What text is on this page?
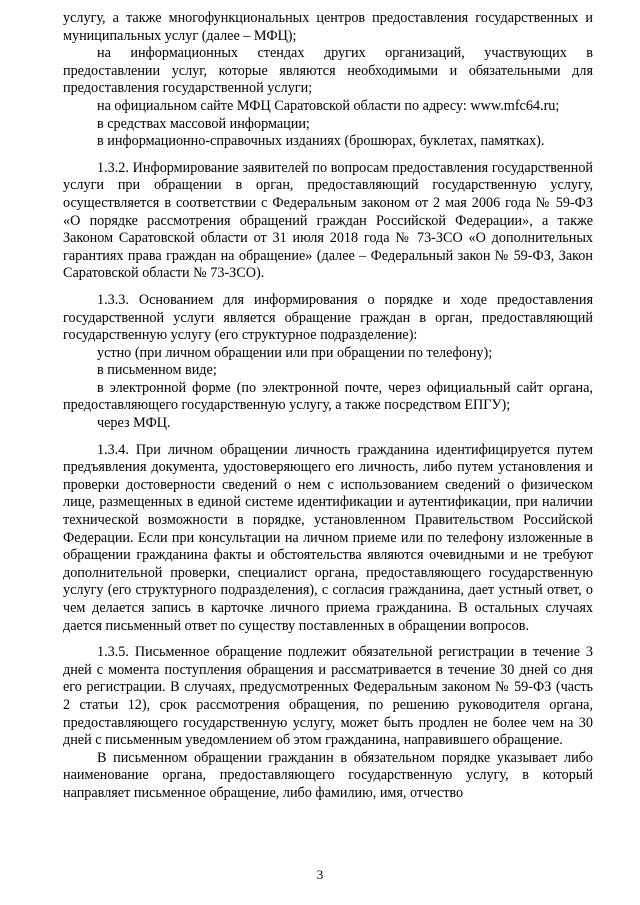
услугу, а также многофункциональных центров предоставления государственных и муниципальных услуг (далее – МФЦ);

на информационных стендах других организаций, участвующих в предоставлении услуг, которые являются необходимыми и обязательными для предоставления государственной услуги;

на официальном сайте МФЦ Саратовской области по адресу: www.mfc64.ru;

в средствах массовой информации;

в информационно-справочных изданиях (брошюрах, буклетах, памятках).

1.3.2. Информирование заявителей по вопросам предоставления государственной услуги при обращении в орган, предоставляющий государственную услугу, осуществляется в соответствии с Федеральным законом от 2 мая 2006 года № 59-ФЗ «О порядке рассмотрения обращений граждан Российской Федерации», а также Законом Саратовской области от 31 июля 2018 года № 73-ЗСО «О дополнительных гарантиях права граждан на обращение» (далее – Федеральный закон № 59-ФЗ, Закон Саратовской области № 73-ЗСО).

1.3.3. Основанием для информирования о порядке и ходе предоставления государственной услуги является обращение граждан в орган, предоставляющий государственную услугу (его структурное подразделение):

устно (при личном обращении или при обращении по телефону);

в письменном виде;

в электронной форме (по электронной почте, через официальный сайт органа, предоставляющего государственную услугу, а также посредством ЕПГУ);

через МФЦ.

1.3.4. При личном обращении личность гражданина идентифицируется путем предъявления документа, удостоверяющего его личность, либо путем установления и проверки достоверности сведений о нем с использованием сведений о физическом лице, размещенных в единой системе идентификации и аутентификации, при наличии технической возможности в порядке, установленном Правительством Российской Федерации. Если при консультации на личном приеме или по телефону изложенные в обращении гражданина факты и обстоятельства являются очевидными и не требуют дополнительной проверки, специалист органа, предоставляющего государственную услугу (его структурного подразделения), с согласия гражданина, дает устный ответ, о чем делается запись в карточке личного приема гражданина. В остальных случаях дается письменный ответ по существу поставленных в обращении вопросов.

1.3.5. Письменное обращение подлежит обязательной регистрации в течение 3 дней с момента поступления обращения и рассматривается в течение 30 дней со дня его регистрации. В случаях, предусмотренных Федеральным законом № 59-ФЗ (часть 2 статьи 12), срок рассмотрения обращения, по решению руководителя органа, предоставляющего государственную услугу, может быть продлен не более чем на 30 дней с письменным уведомлением об этом гражданина, направившего обращение.

В письменном обращении гражданин в обязательном порядке указывает либо наименование органа, предоставляющего государственную услугу, в который направляет письменное обращение, либо фамилию, имя, отчество

3
